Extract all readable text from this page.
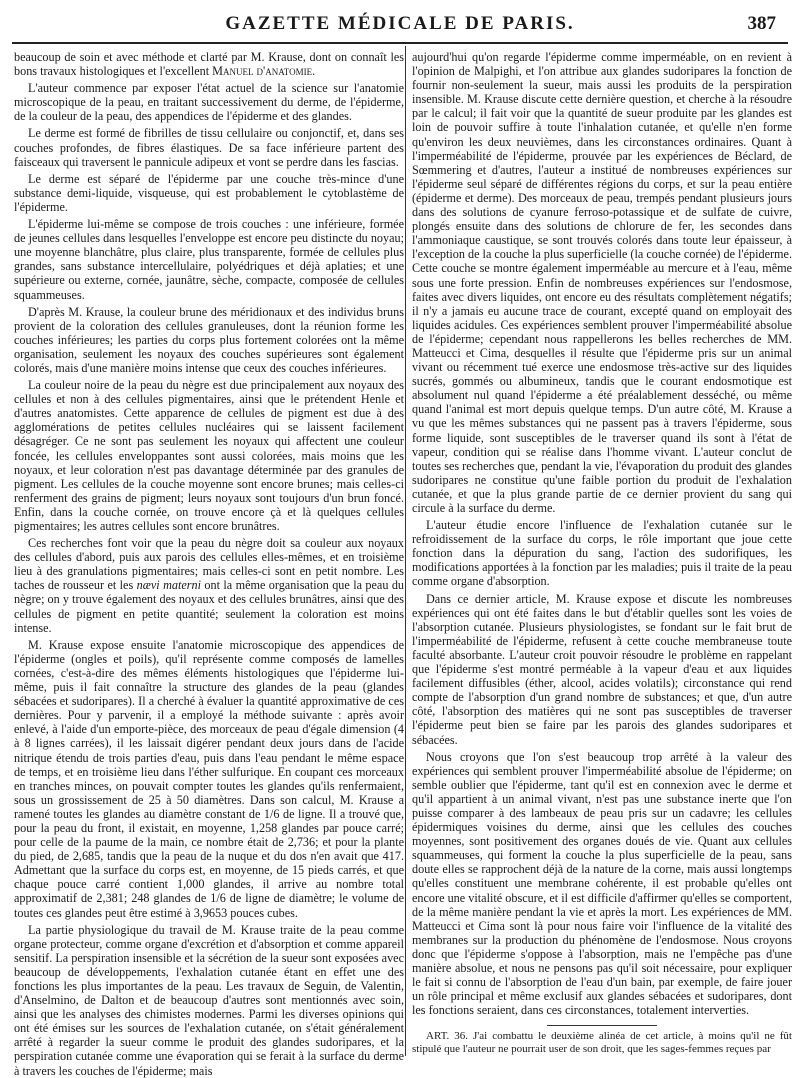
GAZETTE MÉDICALE DE PARIS.	387

beaucoup de soin et avec méthode et clarté par M. Krause, dont on connaît les bons travaux histologiques et l'excellent Manuel d'anatomie.

L'auteur commence par exposer l'état actuel de la science sur l'anatomie microscopique de la peau, en traitant successivement du derme, de l'épiderme, de la couleur de la peau, des appendices de l'épiderme et des glandes.

Le derme est formé de fibrilles de tissu cellulaire ou conjonctif, et, dans ses couches profondes, de fibres élastiques. De sa face inférieure partent des faisceaux qui traversent le pannicule adipeux et vont se perdre dans les fascias.

Le derme est séparé de l'épiderme par une couche très-mince d'une substance demi-liquide, visqueuse, qui est probablement le cytoblastème de l'épiderme.

L'épiderme lui-même se compose de trois couches : une inférieure, formée de jeunes cellules dans lesquelles l'enveloppe est encore peu distincte du noyau; une moyenne blanchâtre, plus claire, plus transparente, formée de cellules plus grandes, sans substance intercellulaire, polyédriques et déjà aplaties; et une supérieure ou externe, cornée, jaunâtre, sèche, compacte, composée de cellules squammeuses.

D'après M. Krause, la couleur brune des méridionaux et des individus bruns provient de la coloration des cellules granuleuses, dont la réunion forme les couches inférieures; les parties du corps plus fortement colorées ont la même organisation, seulement les noyaux des couches supérieures sont également colorés, mais d'une manière moins intense que ceux des couches inférieures.

La couleur noire de la peau du nègre est due principalement aux noyaux des cellules et non à des cellules pigmentaires, ainsi que le prétendent Henle et d'autres anatomistes. Cette apparence de cellules de pigment est due à des agglomérations de petites cellules nucléaires qui se laissent facilement désagréger. Ce ne sont pas seulement les noyaux qui affectent une couleur foncée, les cellules enveloppantes sont aussi colorées, mais moins que les noyaux, et leur coloration n'est pas davantage déterminée par des granules de pigment. Les cellules de la couche moyenne sont encore brunes; mais celles-ci renferment des grains de pigment; leurs noyaux sont toujours d'un brun foncé. Enfin, dans la couche cornée, on trouve encore çà et là quelques cellules pigmentaires; les autres cellules sont encore brunâtres.

Ces recherches font voir que la peau du nègre doit sa couleur aux noyaux des cellules d'abord, puis aux parois des cellules elles-mêmes, et en troisième lieu à des granulations pigmentaires; mais celles-ci sont en petit nombre. Les taches de rousseur et les nævi materni ont la même organisation que la peau du nègre; on y trouve également des noyaux et des cellules brunâtres, ainsi que des cellules de pigment en petite quantité; seulement la coloration est moins intense.

M. Krause expose ensuite l'anatomie microscopique des appendices de l'épiderme (ongles et poils), qu'il représente comme composés de lamelles cornées, c'est-à-dire des mêmes éléments histologiques que l'épiderme lui-même, puis il fait connaître la structure des glandes de la peau (glandes sébacées et sudoripares). Il a cherché à évaluer la quantité approximative de ces dernières. Pour y parvenir, il a employé la méthode suivante : après avoir enlevé, à l'aide d'un emporte-pièce, des morceaux de peau d'égale dimension (4 à 8 lignes carrées), il les laissait digérer pendant deux jours dans de l'acide nitrique étendu de trois parties d'eau, puis dans l'eau pendant le même espace de temps, et en troisième lieu dans l'éther sulfurique. En coupant ces morceaux en tranches minces, on pouvait compter toutes les glandes qu'ils renfermaient, sous un grossissement de 25 à 50 diamètres. Dans son calcul, M. Krause a ramené toutes les glandes au diamètre constant de 1/6 de ligne. Il a trouvé que, pour la peau du front, il existait, en moyenne, 1,258 glandes par pouce carré; pour celle de la paume de la main, ce nombre était de 2,736; et pour la plante du pied, de 2,685, tandis que la peau de la nuque et du dos n'en avait que 417. Admettant que la surface du corps est, en moyenne, de 15 pieds carrés, et que chaque pouce carré contient 1,000 glandes, il arrive au nombre total approximatif de 2,381; 248 glandes de 1/6 de ligne de diamètre; le volume de toutes ces glandes peut être estimé à 3,9653 pouces cubes.

La partie physiologique du travail de M. Krause traite de la peau comme organe protecteur, comme organe d'excrétion et d'absorption et comme appareil sensitif. La perspiration insensible et la sécrétion de la sueur sont exposées avec beaucoup de développements, l'exhalation cutanée étant en effet une des fonctions les plus importantes de la peau. Les travaux de Seguin, de Valentin, d'Anselmino, de Dalton et de beaucoup d'autres sont mentionnés avec soin, ainsi que les analyses des chimistes modernes. Parmi les diverses opinions qui ont été émises sur les sources de l'exhalation cutanée, on s'était généralement arrêté à regarder la sueur comme le produit des glandes sudoripares, et la perspiration cutanée comme une évaporation qui se ferait à la surface du derme à travers les couches de l'épiderme; mais

aujourd'hui qu'on regarde l'épiderme comme imperméable, on en revient à l'opinion de Malpighi, et l'on attribue aux glandes sudoripares la fonction de fournir non-seulement la sueur, mais aussi les produits de la perspiration insensible. M. Krause discute cette dernière question, et cherche à la résoudre par le calcul; il fait voir que la quantité de sueur produite par les glandes est loin de pouvoir suffire à toute l'inhalation cutanée, et qu'elle n'en forme qu'environ les deux neuvièmes, dans les circonstances ordinaires. Quant à l'imperméabilité de l'épiderme, prouvée par les expériences de Béclard, de Sœmmering et d'autres, l'auteur a institué de nombreuses expériences sur l'épiderme seul séparé de différentes régions du corps, et sur la peau entière (épiderme et derme). Des morceaux de peau, trempés pendant plusieurs jours dans des solutions de cyanure ferroso-potassique et de sulfate de cuivre, plongés ensuite dans des solutions de chlorure de fer, les secondes dans l'ammoniaque caustique, se sont trouvés colorés dans toute leur épaisseur, à l'exception de la couche la plus superficielle (la couche cornée) de l'épiderme. Cette couche se montre également imperméable au mercure et à l'eau, même sous une forte pression. Enfin de nombreuses expériences sur l'endosmose, faites avec divers liquides, ont encore eu des résultats complètement négatifs; il n'y a jamais eu aucune trace de courant, excepté quand on employait des liquides acidules. Ces expériences semblent prouver l'imperméabilité absolue de l'épiderme; cependant nous rappellerons les belles recherches de MM. Matteucci et Cima, desquelles il résulte que l'épiderme pris sur un animal vivant ou récemment tué exerce une endosmose très-active sur des liquides sucrés, gommés ou albumineux, tandis que le courant endosmotique est absolument nul quand l'épiderme a été préalablement desséché, ou même quand l'animal est mort depuis quelque temps. D'un autre côté, M. Krause a vu que les mêmes substances qui ne passent pas à travers l'épiderme, sous forme liquide, sont susceptibles de le traverser quand ils sont à l'état de vapeur, condition qui se réalise dans l'homme vivant. L'auteur conclut de toutes ses recherches que, pendant la vie, l'évaporation du produit des glandes sudoripares ne constitue qu'une faible portion du produit de l'exhalation cutanée, et que la plus grande partie de ce dernier provient du sang qui circule à la surface du derme.

L'auteur étudie encore l'influence de l'exhalation cutanée sur le refroidissement de la surface du corps, le rôle important que joue cette fonction dans la dépuration du sang, l'action des sudorifiques, les modifications apportées à la fonction par les maladies; puis il traite de la peau comme organe d'absorption.

Dans ce dernier article, M. Krause expose et discute les nombreuses expériences qui ont été faites dans le but d'établir quelles sont les voies de l'absorption cutanée. Plusieurs physiologistes, se fondant sur le fait brut de l'imperméabilité de l'épiderme, refusent à cette couche membraneuse toute faculté absorbante. L'auteur croit pouvoir résoudre le problème en rappelant que l'épiderme s'est montré perméable à la vapeur d'eau et aux liquides facilement diffusibles (éther, alcool, acides volatils); circonstance qui rend compte de l'absorption d'un grand nombre de substances; et que, d'un autre côté, l'absorption des matières qui ne sont pas susceptibles de traverser l'épiderme peut bien se faire par les parois des glandes sudoripares et sébacées.

Nous croyons que l'on s'est beaucoup trop arrêté à la valeur des expériences qui semblent prouver l'imperméabilité absolue de l'épiderme; on semble oublier que l'épiderme, tant qu'il est en connexion avec le derme et qu'il appartient à un animal vivant, n'est pas une substance inerte que l'on puisse comparer à des lambeaux de peau pris sur un cadavre; les cellules épidermiques voisines du derme, ainsi que les cellules des couches moyennes, sont positivement des organes doués de vie. Quant aux cellules squammeuses, qui forment la couche la plus superficielle de la peau, sans doute elles se rapprochent déjà de la nature de la corne, mais aussi longtemps qu'elles constituent une membrane cohérente, il est probable qu'elles ont encore une vitalité obscure, et il est difficile d'affirmer qu'elles se comportent, de la même manière pendant la vie et après la mort. Les expériences de MM. Matteucci et Cima sont là pour nous faire voir l'influence de la vitalité des membranes sur la production du phénomène de l'endosmose. Nous croyons donc que l'épiderme s'oppose à l'absorption, mais ne l'empêche pas d'une manière absolue, et nous ne pensons pas qu'il soit nécessaire, pour expliquer le fait si connu de l'absorption de l'eau d'un bain, par exemple, de faire jouer un rôle principal et même exclusif aux glandes sébacées et sudoripares, dont les fonctions seraient, dans ces circonstances, totalement interverties.

ART. 36. J'ai combattu le deuxième alinéa de cet article, à moins qu'il ne fût stipulé que l'auteur ne pourrait user de son droit, que les sages-femmes reçues par
